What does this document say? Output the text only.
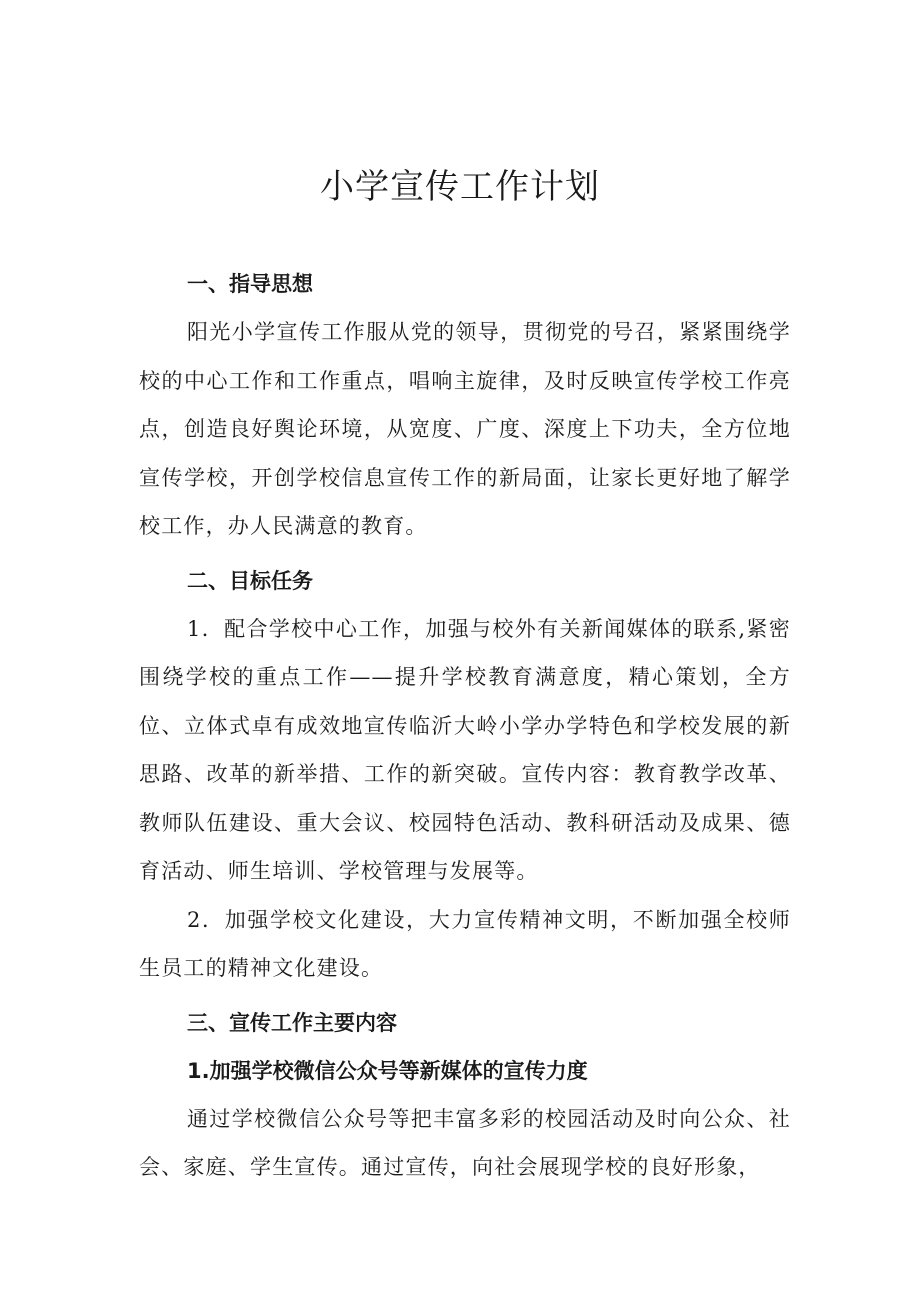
小学宣传工作计划
一、指导思想

阳光小学宣传工作服从党的领导，贯彻党的号召，紧紧围绕学校的中心工作和工作重点，唱响主旋律，及时反映宣传学校工作亮点，创造良好舆论环境，从宽度、广度、深度上下功夫，全方位地宣传学校，开创学校信息宣传工作的新局面，让家长更好地了解学校工作，办人民满意的教育。

二、目标任务

1．配合学校中心工作，加强与校外有关新闻媒体的联系,紧密围绕学校的重点工作——提升学校教育满意度，精心策划，全方位、立体式卓有成效地宣传临沂大岭小学办学特色和学校发展的新思路、改革的新举措、工作的新突破。宣传内容：教育教学改革、教师队伍建设、重大会议、校园特色活动、教科研活动及成果、德育活动、师生培训、学校管理与发展等。

2．加强学校文化建设，大力宣传精神文明，不断加强全校师生员工的精神文化建设。

三、宣传工作主要内容
1.加强学校微信公众号等新媒体的宣传力度

通过学校微信公众号等把丰富多彩的校园活动及时向公众、社会、家庭、学生宣传。通过宣传，向社会展现学校的良好形象，
